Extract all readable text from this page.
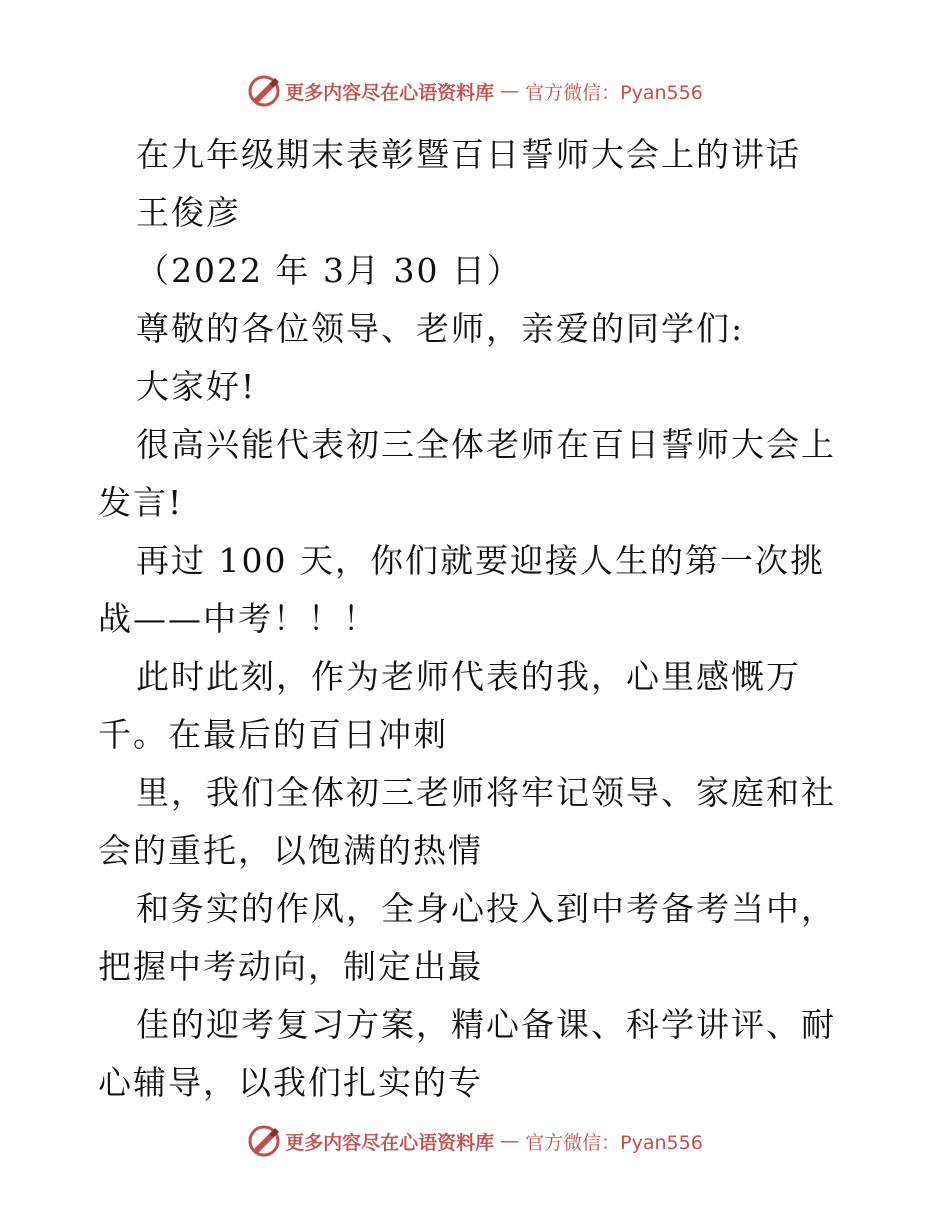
更多内容尽在心语资料库 — 官方微信：Pyan556

在九年级期末表彰暨百日誓师大会上的讲话

王俊彦

（2022 年 3月 30 日）

尊敬的各位领导、老师，亲爱的同学们:

大家好!

很高兴能代表初三全体老师在百日誓师大会上发言!

再过 100 天，你们就要迎接人生的第一次挑战——中考！！！

此时此刻，作为老师代表的我，心里感慨万千。在最后的百日冲刺

里，我们全体初三老师将牢记领导、家庭和社会的重托，以饱满的热情

和务实的作风，全身心投入到中考备考当中，把握中考动向，制定出最

佳的迎考复习方案，精心备课、科学讲评、耐心辅导，以我们扎实的专

更多内容尽在心语资料库 — 官方微信：Pyan556
